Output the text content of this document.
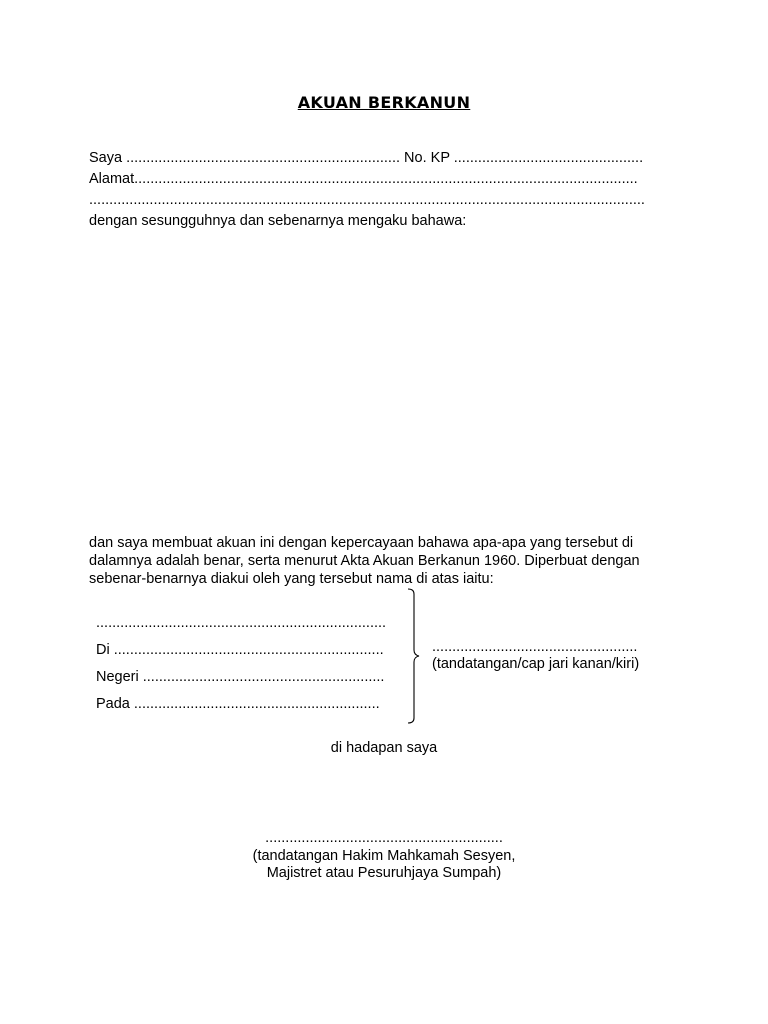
AKUAN BERKANUN
Saya .................................................................... No. KP ...............................................
Alamat.............................................................................................................................
..........................................................................................................................................
dengan sesungguhnya dan sebenarnya mengaku bahawa:
dan saya membuat akuan ini dengan kepercayaan bahawa apa-apa yang tersebut di
dalamnya adalah benar, serta menurut Akta Akuan Berkanun 1960. Diperbuat dengan
sebenar-benarnya diakui oleh yang tersebut nama di atas iaitu:
........................................................................
Di ...................................................................
Negeri ............................................................
Pada .............................................................
...................................................
(tandatangan/cap jari kanan/kiri)
di hadapan saya
...........................................................
(tandatangan Hakim Mahkamah Sesyen,
Majistret atau Pesuruhjaya Sumpah)
